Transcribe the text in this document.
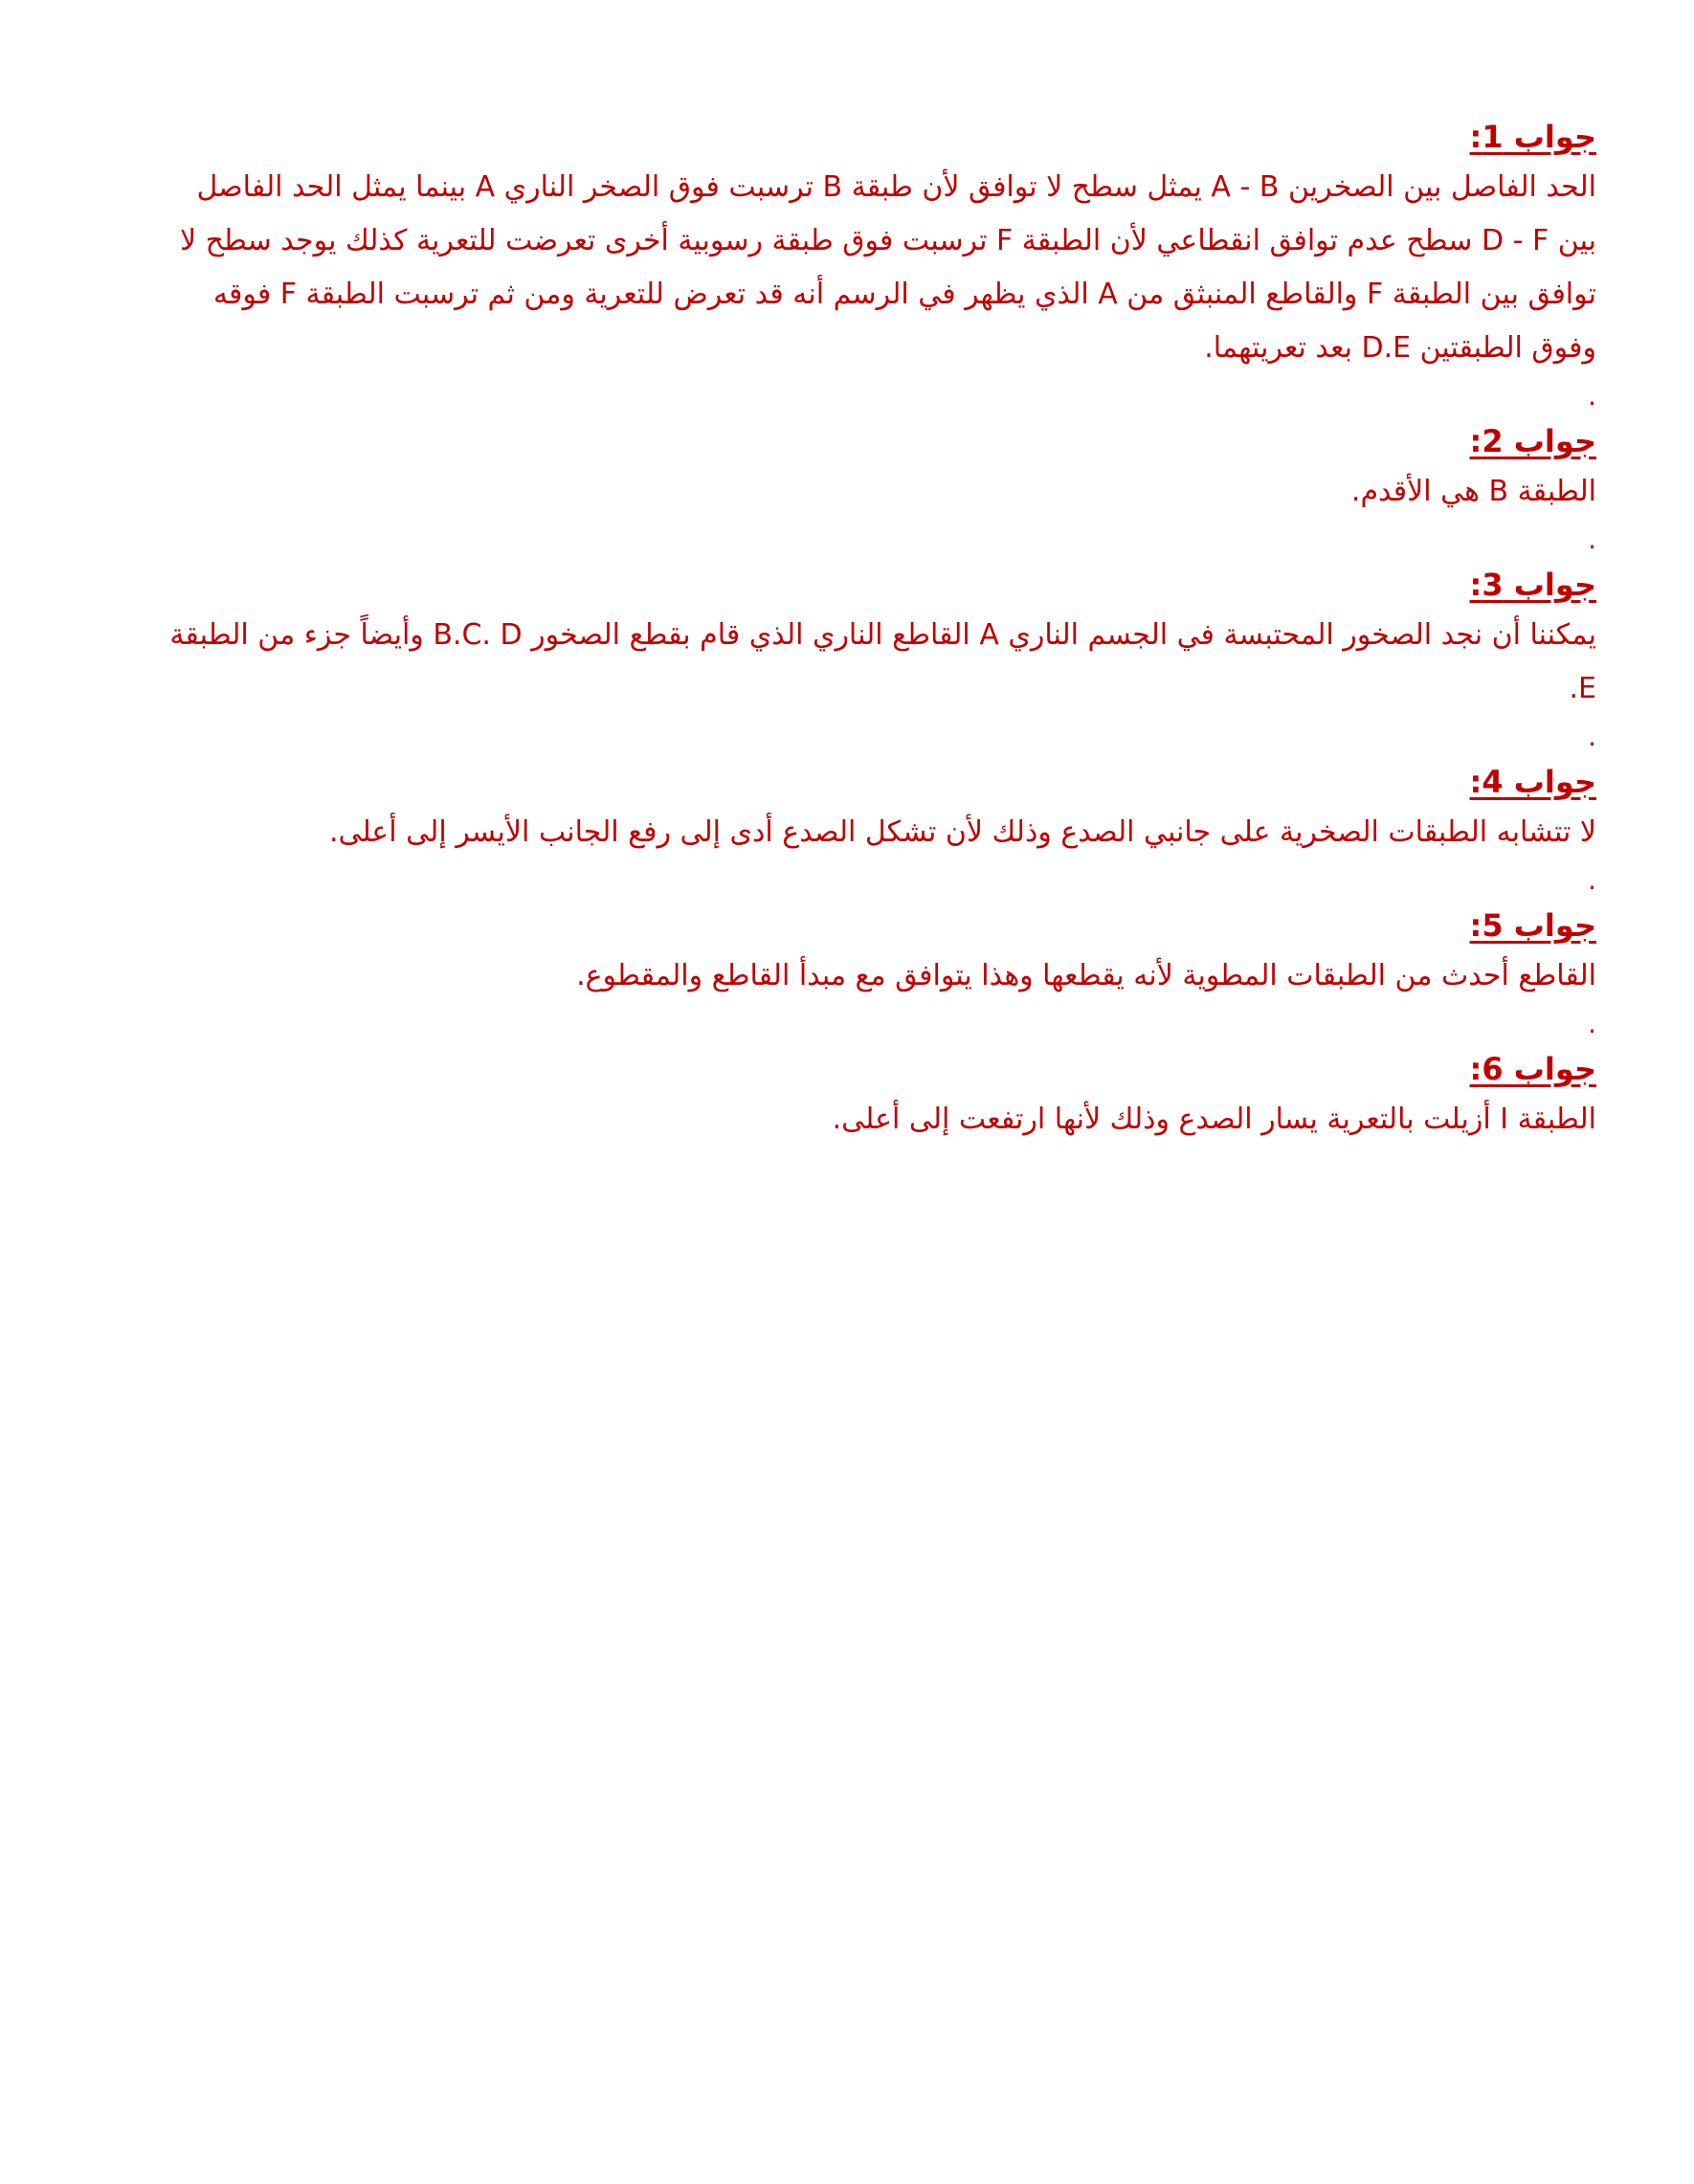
جواب 1:

الحد الفاصل بين الصخرين A - B يمثل سطح لا توافق لأن طبقة B ترسبت فوق الصخر الناري A بينما يمثل الحد الفاصل بين D - F سطح عدم توافق انقطاعي لأن الطبقة F ترسبت فوق طبقة رسوبية أخرى تعرضت للتعرية كذلك يوجد سطح لا توافق بين الطبقة F والقاطع المنبثق من A الذي يظهر في الرسم أنه قد تعرض للتعرية ومن ثم ترسبت الطبقة F فوقه وفوق الطبقتين D.E بعد تعريتهما.

.
جواب 2:

الطبقة B هي الأقدم.

.
جواب 3:

يمكننا أن نجد الصخور المحتبسة في الجسم الناري A القاطع الناري الذي قام بقطع الصخور B.C. D وأيضاً جزء من الطبقة E.

.
جواب 4:

لا تتشابه الطبقات الصخرية على جانبي الصدع وذلك لأن تشكل الصدع أدى إلى رفع الجانب الأيسر إلى أعلى.

.
جواب 5:

القاطع أحدث من الطبقات المطوية لأنه يقطعها وهذا يتوافق مع مبدأ القاطع والمقطوع.

.
جواب 6:

الطبقة I أزيلت بالتعرية يسار الصدع وذلك لأنها ارتفعت إلى أعلى.
